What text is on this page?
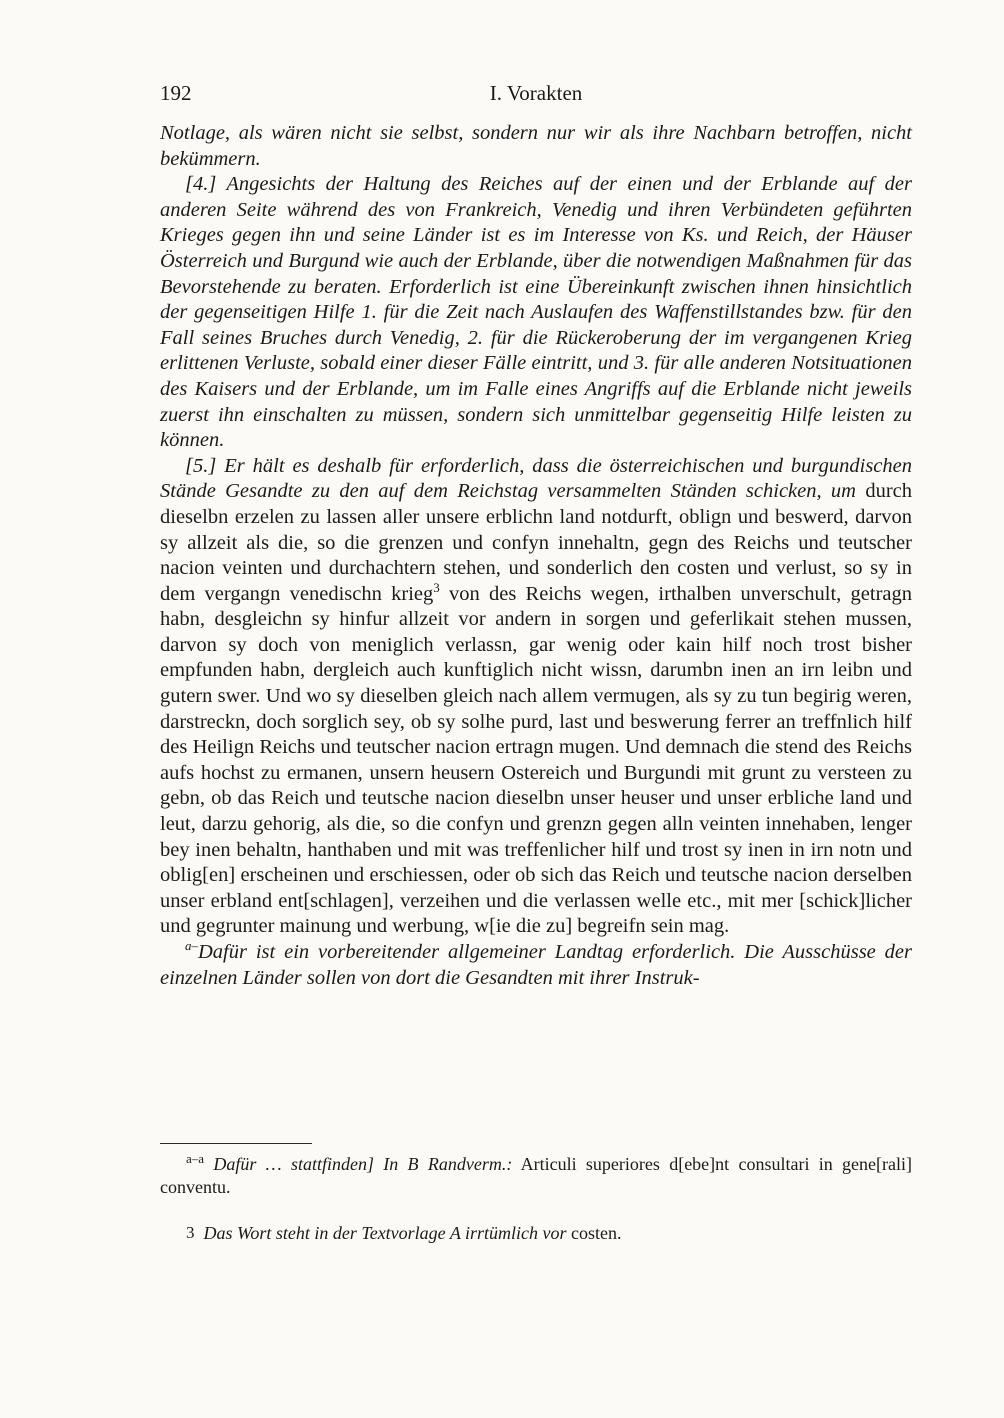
192	I. Vorakten

Notlage, als wären nicht sie selbst, sondern nur wir als ihre Nachbarn betroffen, nicht bekümmern.

[4.] Angesichts der Haltung des Reiches auf der einen und der Erblande auf der anderen Seite während des von Frankreich, Venedig und ihren Verbündeten geführten Krieges gegen ihn und seine Länder ist es im Interesse von Ks. und Reich, der Häuser Österreich und Burgund wie auch der Erblande, über die notwendigen Maßnahmen für das Bevorstehende zu beraten. Erforderlich ist eine Übereinkunft zwischen ihnen hinsichtlich der gegenseitigen Hilfe 1. für die Zeit nach Auslaufen des Waffenstillstandes bzw. für den Fall seines Bruches durch Venedig, 2. für die Rückeroberung der im vergangenen Krieg erlittenen Verluste, sobald einer dieser Fälle eintritt, und 3. für alle anderen Notsituationen des Kaisers und der Erblande, um im Falle eines Angriffs auf die Erblande nicht jeweils zuerst ihn einschalten zu müssen, sondern sich unmittelbar gegenseitig Hilfe leisten zu können.

[5.] Er hält es deshalb für erforderlich, dass die österreichischen und burgundischen Stände Gesandte zu den auf dem Reichstag versammelten Ständen schicken, um durch dieselbn erzelen zu lassen aller unsere erblichn land notdurft, oblign und beswerd, darvon sy allzeit als die, so die grenzen und confyn innehaltn, gegn des Reichs und teutscher nacion veinten und durchachtern stehen, und sonderlich den costen und verlust, so sy in dem vergangn venedischn krieg$^3$ von des Reichs wegen, irthalben unverschult, getragn habn, desgleichn sy hinfur allzeit vor andern in sorgen und geferlikait stehen mussen, darvon sy doch von meniglich verlassn, gar wenig oder kain hilf noch trost bisher empfunden habn, dergleich auch kunftiglich nicht wissn, darumbn inen an irn leibn und gutern swer. Und wo sy dieselben gleich nach allem vermugen, als sy zu tun begirig weren, darstreckn, doch sorglich sey, ob sy solhe purd, last und beswerung ferrer an treffnlich hilf des Heilign Reichs und teutscher nacion ertragn mugen. Und demnach die stend des Reichs aufs hochst zu ermanen, unsern heusern Ostereich und Burgundi mit grunt zu versteen zu gebn, ob das Reich und teutsche nacion dieselbn unser heuser und unser erbliche land und leut, darzu gehorig, als die, so die confyn und grenzn gegen alln veinten innehaben, lenger bey inen behaltn, hanthaben und mit was treffenlicher hilf und trost sy inen in irn notn und oblig[en] erscheinen und erschiessen, oder ob sich das Reich und teutsche nacion derselben unser erbland ent[schlagen], verzeihen und die verlassen welle etc., mit mer [schick]licher und gegrunter mainung und werbung, w[ie die zu] begreifn sein mag.

$^{a-}$Dafür ist ein vorbereitender allgemeiner Landtag erforderlich. Die Ausschüsse der einzelnen Länder sollen von dort die Gesandten mit ihrer Instruk-

$^{a-a}$ Dafür … stattfinden] In B Randverm.: Articuli superiores d[ebe]nt consultari in gene[rali] conventu.

3 Das Wort steht in der Textvorlage A irrtümlich vor costen.
